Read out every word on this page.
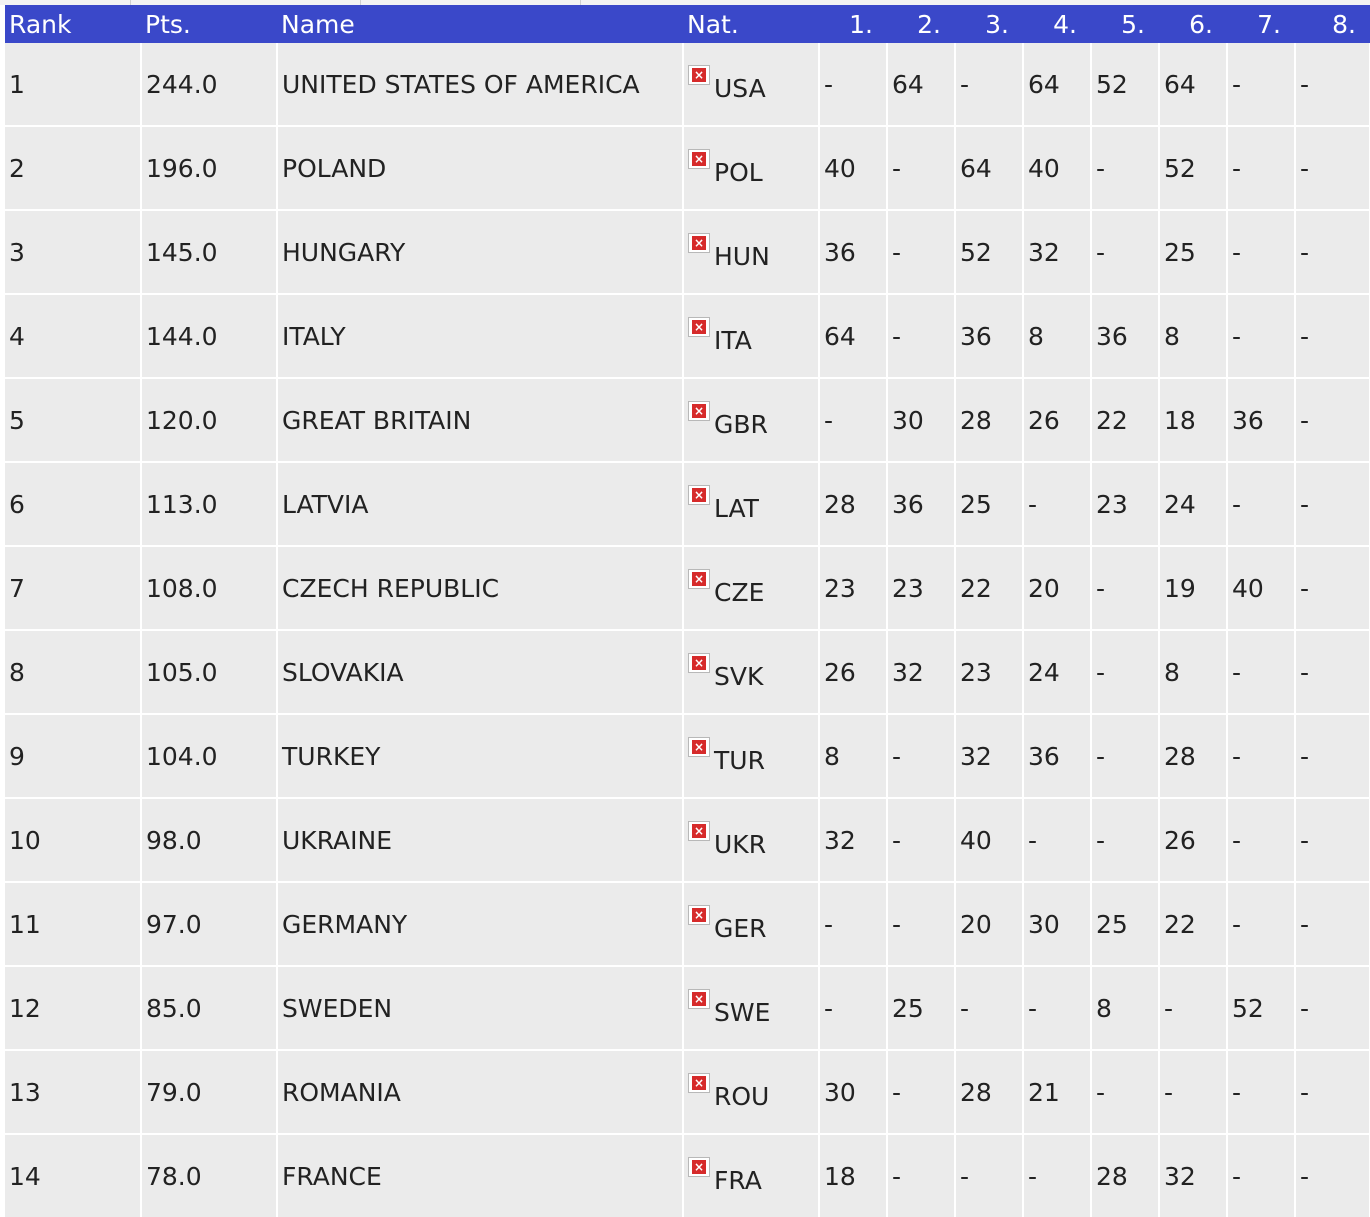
Rank	Pts.	Name	Nat.	1.	2.	3.	4.	5.	6.	7.	8.
1	244.0	UNITED STATES OF AMERICA	× USA	-	64	-	64	52	64	-	-
2	196.0	POLAND	× POL	40	-	64	40	-	52	-	-
3	145.0	HUNGARY	× HUN	36	-	52	32	-	25	-	-
4	144.0	ITALY	× ITA	64	-	36	8	36	8	-	-
5	120.0	GREAT BRITAIN	× GBR	-	30	28	26	22	18	36	-
6	113.0	LATVIA	× LAT	28	36	25	-	23	24	-	-
7	108.0	CZECH REPUBLIC	× CZE	23	23	22	20	-	19	40	-
8	105.0	SLOVAKIA	× SVK	26	32	23	24	-	8	-	-
9	104.0	TURKEY	× TUR	8	-	32	36	-	28	-	-
10	98.0	UKRAINE	× UKR	32	-	40	-	-	26	-	-
11	97.0	GERMANY	× GER	-	-	20	30	25	22	-	-
12	85.0	SWEDEN	× SWE	-	25	-	-	8	-	52	-
13	79.0	ROMANIA	× ROU	30	-	28	21	-	-	-	-
14	78.0	FRANCE	× FRA	18	-	-	-	28	32	-	-
